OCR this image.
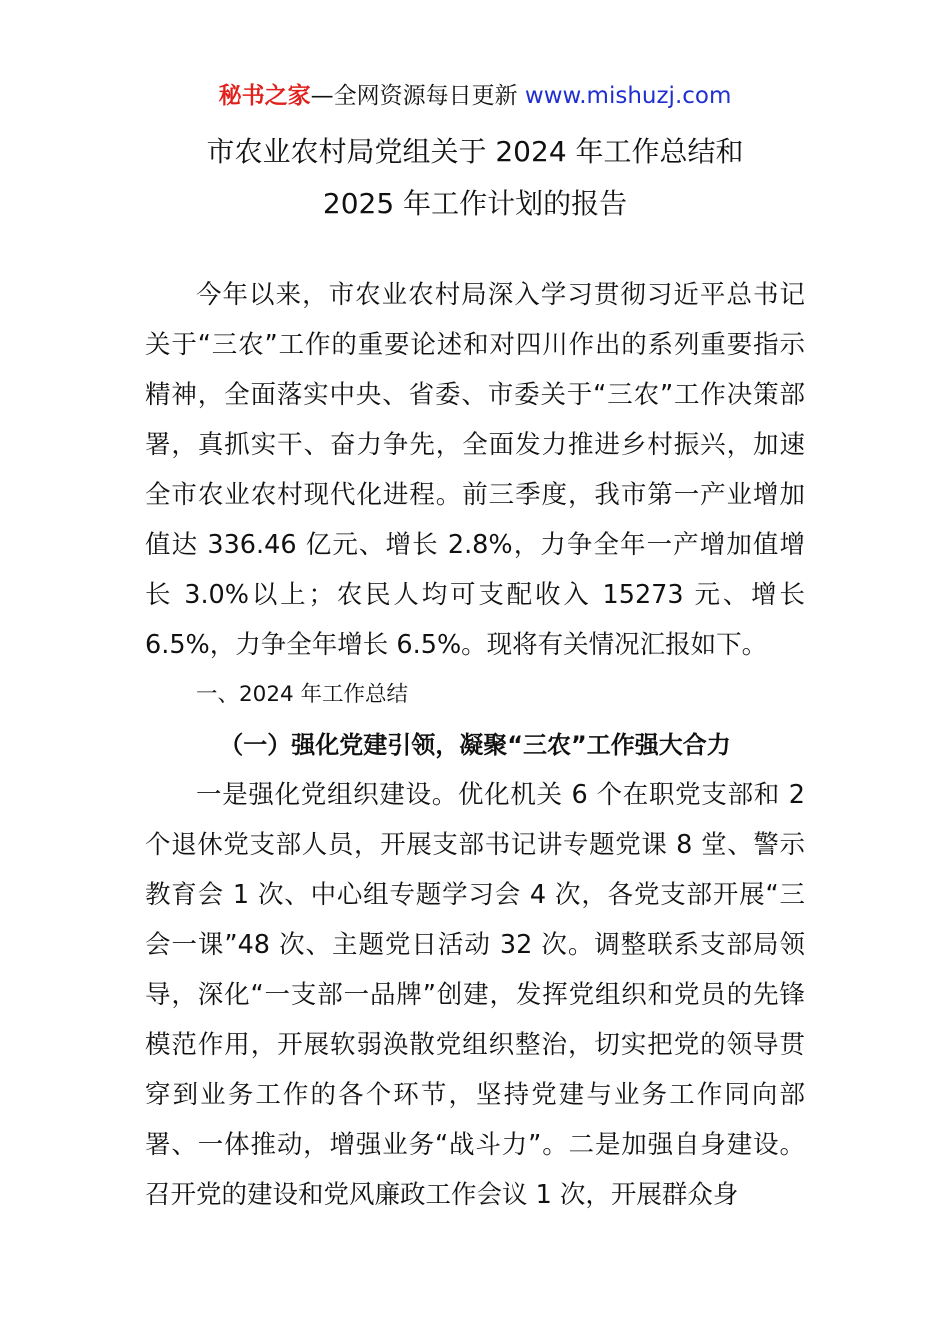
秘书之家—全网资源每日更新 www.mishuzj.com
市农业农村局党组关于 2024 年工作总结和
2025 年工作计划的报告

今年以来，市农业农村局深入学习贯彻习近平总书记关于“三农”工作的重要论述和对四川作出的系列重要指示精神，全面落实中央、省委、市委关于“三农”工作决策部署，真抓实干、奋力争先，全面发力推进乡村振兴，加速全市农业农村现代化进程。前三季度，我市第一产业增加值达 336.46 亿元、增长 2.8%，力争全年一产增加值增长 3.0%以上；农民人均可支配收入 15273 元、增长 6.5%，力争全年增长 6.5%。现将有关情况汇报如下。

一、2024 年工作总结
（一）强化党建引领，凝聚“三农”工作强大合力

一是强化党组织建设。优化机关 6 个在职党支部和 2 个退休党支部人员，开展支部书记讲专题党课 8 堂、警示教育会 1 次、中心组专题学习会 4 次，各党支部开展“三会一课”48 次、主题党日活动 32 次。调整联系支部局领导，深化“一支部一品牌”创建，发挥党组织和党员的先锋模范作用，开展软弱涣散党组织整治，切实把党的领导贯穿到业务工作的各个环节，坚持党建与业务工作同向部署、一体推动，增强业务“战斗力”。二是加强自身建设。召开党的建设和党风廉政工作会议 1 次，开展群众身
